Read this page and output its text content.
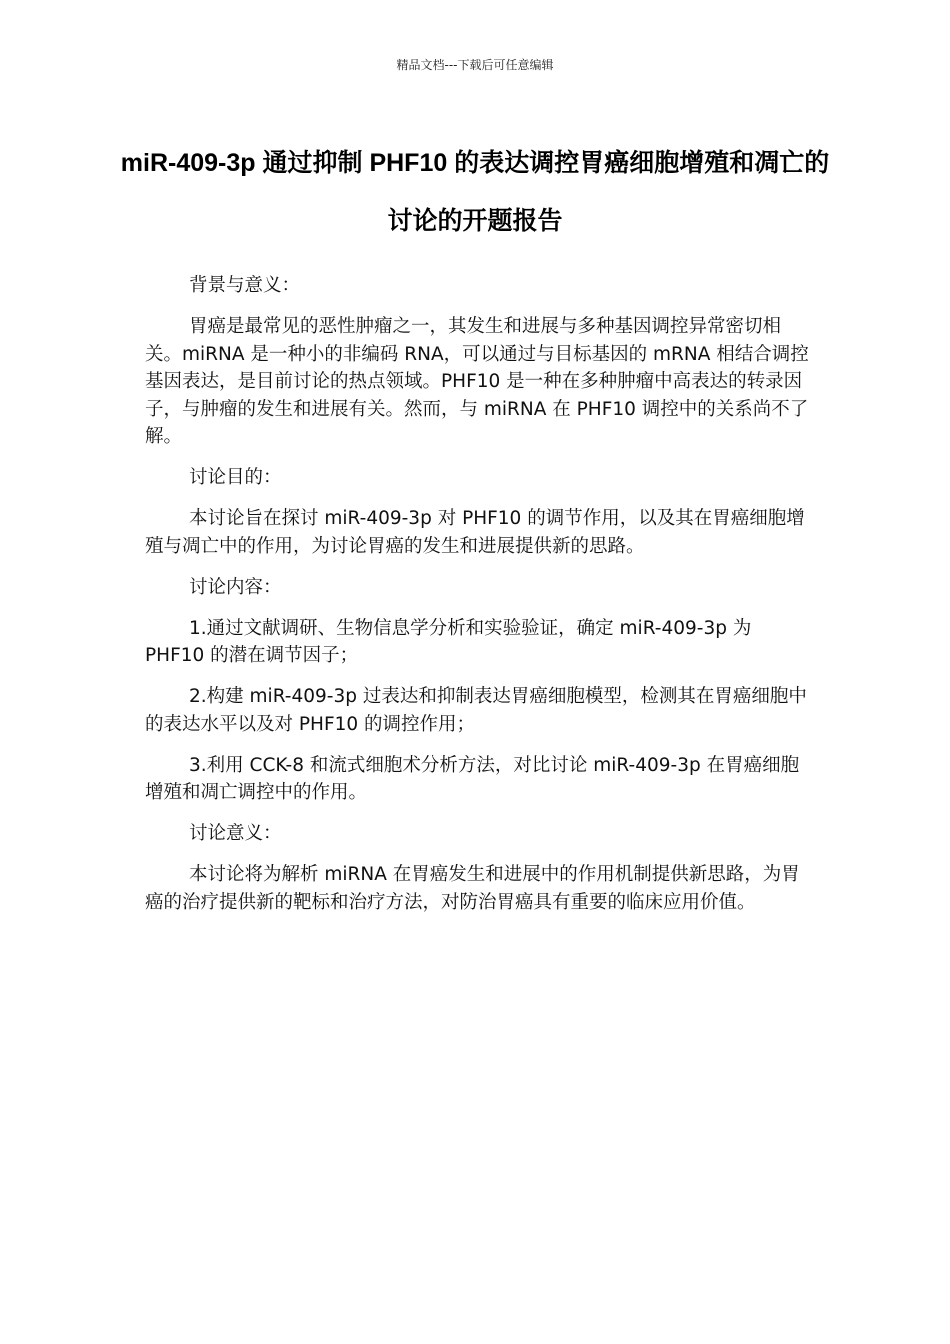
精品文档---下载后可任意编辑
miR-409-3p 通过抑制 PHF10 的表达调控胃癌细胞增殖和凋亡的讨论的开题报告

背景与意义：

胃癌是最常见的恶性肿瘤之一，其发生和进展与多种基因调控异常密切相关。miRNA 是一种小的非编码 RNA，可以通过与目标基因的 mRNA 相结合调控基因表达，是目前讨论的热点领域。PHF10 是一种在多种肿瘤中高表达的转录因子，与肿瘤的发生和进展有关。然而，与 miRNA 在 PHF10 调控中的关系尚不了解。

讨论目的：

本讨论旨在探讨 miR-409-3p 对 PHF10 的调节作用，以及其在胃癌细胞增殖与凋亡中的作用，为讨论胃癌的发生和进展提供新的思路。

讨论内容：

1.通过文献调研、生物信息学分析和实验验证，确定 miR-409-3p 为 PHF10 的潜在调节因子；

2.构建 miR-409-3p 过表达和抑制表达胃癌细胞模型，检测其在胃癌细胞中的表达水平以及对 PHF10 的调控作用；

3.利用 CCK-8 和流式细胞术分析方法，对比讨论 miR-409-3p 在胃癌细胞增殖和凋亡调控中的作用。

讨论意义：

本讨论将为解析 miRNA 在胃癌发生和进展中的作用机制提供新思路，为胃癌的治疗提供新的靶标和治疗方法，对防治胃癌具有重要的临床应用价值。
